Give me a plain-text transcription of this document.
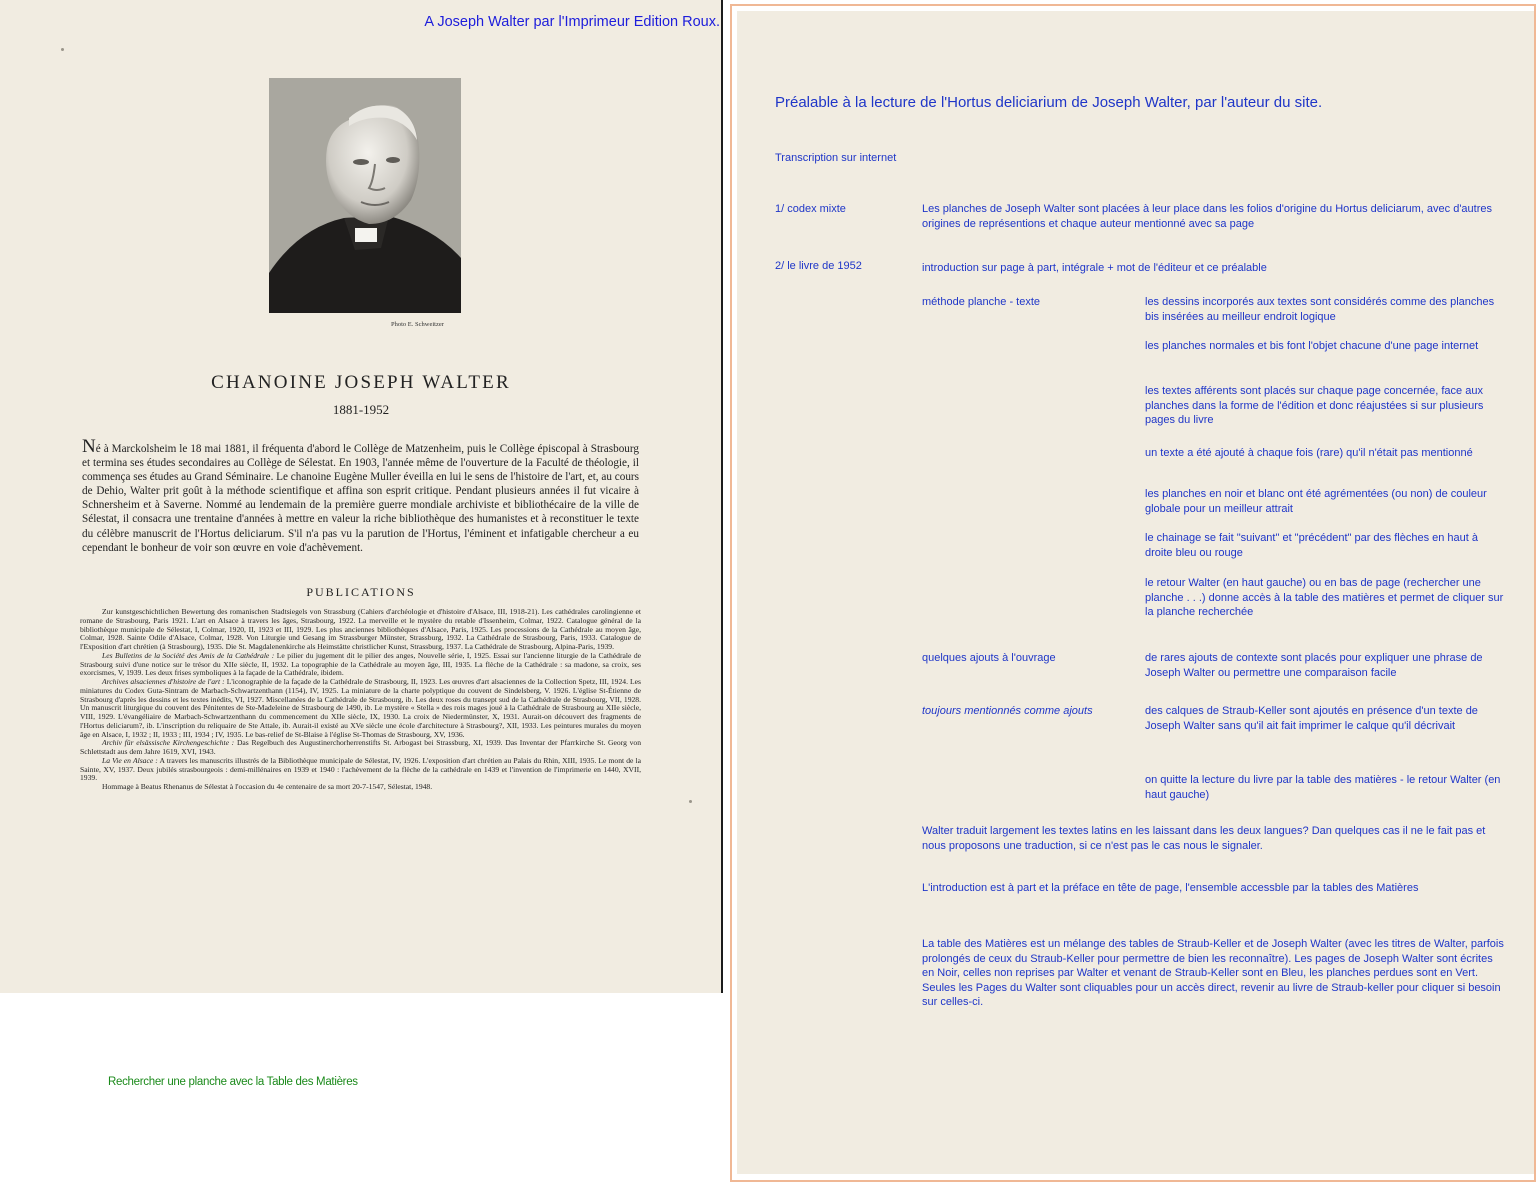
A Joseph Walter par l'Imprimeur Edition Roux.
Photo E. Schweitzer
CHANOINE JOSEPH WALTER
1881-1952
Né à Marckolsheim le 18 mai 1881, il fréquenta d'abord le Collège de Matzenheim, puis le Collège épiscopal à Strasbourg et termina ses études secondaires au Collège de Sélestat. En 1903, l'année même de l'ouverture de la Faculté de théologie, il commença ses études au Grand Séminaire. Le chanoine Eugène Muller éveilla en lui le sens de l'histoire de l'art, et, au cours de Dehio, Walter prit goût à la méthode scientifique et affina son esprit critique. Pendant plusieurs années il fut vicaire à Schnersheim et à Saverne. Nommé au lendemain de la première guerre mondiale archiviste et bibliothécaire de la ville de Sélestat, il consacra une trentaine d'années à mettre en valeur la riche bibliothèque des humanistes et à reconstituer le texte du célèbre manuscrit de l'Hortus deliciarum. S'il n'a pas vu la parution de l'Hortus, l'éminent et infatigable chercheur a eu cependant le bonheur de voir son œuvre en voie d'achèvement.
PUBLICATIONS

Zur kunstgeschichtlichen Bewertung des romanischen Stadtsiegels von Strassburg (Cahiers d'archéologie et d'histoire d'Alsace, III, 1918-21). Les cathédrales carolingienne et romane de Strasbourg, Paris 1921. L'art en Alsace à travers les âges, Strasbourg, 1922. La merveille et le mystère du retable d'Issenheim, Colmar, 1922. Catalogue général de la bibliothèque municipale de Sélestat, I, Colmar, 1920, II, 1923 et III, 1929. Les plus anciennes bibliothèques d'Alsace, Paris, 1925. Les processions de la Cathédrale au moyen âge, Colmar, 1928. Sainte Odile d'Alsace, Colmar, 1928. Von Liturgie und Gesang im Strassburger Münster, Strassburg, 1932. La Cathédrale de Strasbourg, Paris, 1933. Catalogue de l'Exposition d'art chrétien (à Strasbourg), 1935. Die St. Magdalenenkirche als Heimstätte christlicher Kunst, Strassburg, 1937. La Cathédrale de Strasbourg, Alpina-Paris, 1939.

Les Bulletins de la Société des Amis de la Cathédrale : Le pilier du jugement dit le pilier des anges, Nouvelle série, I, 1925. Essai sur l'ancienne liturgie de la Cathédrale de Strasbourg suivi d'une notice sur le trésor du XIIe siècle, II, 1932. La topographie de la Cathédrale au moyen âge, III, 1935. La flèche de la Cathédrale : sa madone, sa croix, ses exorcismes, V, 1939. Les deux frises symboliques à la façade de la Cathédrale, ibidem.

Archives alsaciennes d'histoire de l'art : L'iconographie de la façade de la Cathédrale de Strasbourg, II, 1923. Les œuvres d'art alsaciennes de la Collection Spetz, III, 1924. Les miniatures du Codex Guta-Sintram de Marbach-Schwartzenthann (1154), IV, 1925. La miniature de la charte polyptique du couvent de Sindelsberg, V. 1926. L'église St-Étienne de Strasbourg d'après les dessins et les textes inédits, VI, 1927. Miscellanées de la Cathédrale de Strasbourg, ib. Les deux roses du transept sud de la Cathédrale de Strasbourg, VII, 1928. Un manuscrit liturgique du couvent des Pénitentes de Ste-Madeleine de Strasbourg de 1490, ib. Le mystère « Stella » des rois mages joué à la Cathédrale de Strasbourg au XIIe siècle, VIII, 1929. L'évangéliaire de Marbach-Schwartzenthann du commencement du XIIe siècle, IX, 1930. La croix de Niedermünster, X, 1931. Aurait-on découvert des fragments de l'Hortus deliciarum?, ib. L'inscription du reliquaire de Ste Attale, ib. Aurait-il existé au XVe siècle une école d'architecture à Strasbourg?, XII, 1933. Les peintures murales du moyen âge en Alsace, I, 1932 ; II, 1933 ; III, 1934 ; IV, 1935. Le bas-relief de St-Blaise à l'église St-Thomas de Strasbourg, XV, 1936.

Archiv für elsässische Kirchengeschichte : Das Regelbuch des Augustinerchorherrenstifts St. Arbogast bei Strassburg, XI, 1939. Das Inventar der Pfarrkirche St. Georg von Schlettstadt aus dem Jahre 1619, XVI, 1943.

La Vie en Alsace : A travers les manuscrits illustrés de la Bibliothèque municipale de Sélestat, IV, 1926. L'exposition d'art chrétien au Palais du Rhin, XIII, 1935. Le mont de la Sainte, XV, 1937. Deux jubilés strasbourgeois : demi-millénaires en 1939 et 1940 : l'achèvement de la flèche de la cathédrale en 1439 et l'invention de l'imprimerie en 1440, XVII, 1939.

Hommage à Beatus Rhenanus de Sélestat à l'occasion du 4e centenaire de sa mort 20-7-1547, Sélestat, 1948.

Rechercher une planche avec la Table des Matières
Préalable à la lecture de l'Hortus deliciarium de Joseph Walter, par l'auteur du site.
Transcription sur internet
1/ codex mixte	Les planches de Joseph Walter sont placées à leur place dans les folios d'origine du Hortus deliciarum, avec d'autres origines de représentions et chaque auteur mentionné avec sa page
2/ le livre de 1952	introduction sur page à part, intégrale + mot de l'éditeur et ce préalable
méthode planche - texte	les dessins incorporés aux textes sont considérés comme des planches bis insérées au meilleur endroit logique
les planches normales et bis font l'objet chacune d'une page internet
les textes afférents sont placés sur chaque page concernée, face aux planches dans la forme de l'édition et donc réajustées si sur plusieurs pages du livre
un texte a été ajouté à chaque fois (rare) qu'il n'était pas mentionné
les planches en noir et blanc ont été agrémentées (ou non) de couleur globale pour un meilleur attrait
le chainage se fait "suivant" et "précédent" par des flèches en haut à droite bleu ou rouge
le retour Walter (en haut gauche) ou en bas de page (rechercher une planche . . .) donne accès à la table des matières et permet de cliquer sur la planche recherchée
quelques ajouts à l'ouvrage	de rares ajouts de contexte sont placés pour expliquer une phrase de Joseph Walter ou permettre une comparaison facile
toujours mentionnés comme ajouts	des calques de Straub-Keller sont ajoutés en présence d'un texte de Joseph Walter sans qu'il ait fait imprimer le calque qu'il décrivait
on quitte la lecture du livre par la table des matières - le retour Walter (en haut gauche)
Walter traduit largement les textes latins en les laissant dans les deux langues? Dan quelques cas il ne le fait pas et nous proposons une traduction, si ce n'est pas le cas nous le signaler.
L'introduction est à part et la préface en tête de page, l'ensemble accessble par la tables des Matières
La table des Matières est un mélange des tables de Straub-Keller et de Joseph Walter (avec les titres de Walter, parfois prolongés de ceux du Straub-Keller pour permettre de bien les reconnaître). Les pages de Joseph Walter sont écrites en Noir, celles non reprises par Walter et venant de Straub-Keller sont en Bleu, les planches perdues sont en Vert. Seules les Pages du Walter sont cliquables pour un accès direct, revenir au livre de Straub-keller pour cliquer si besoin sur celles-ci.
